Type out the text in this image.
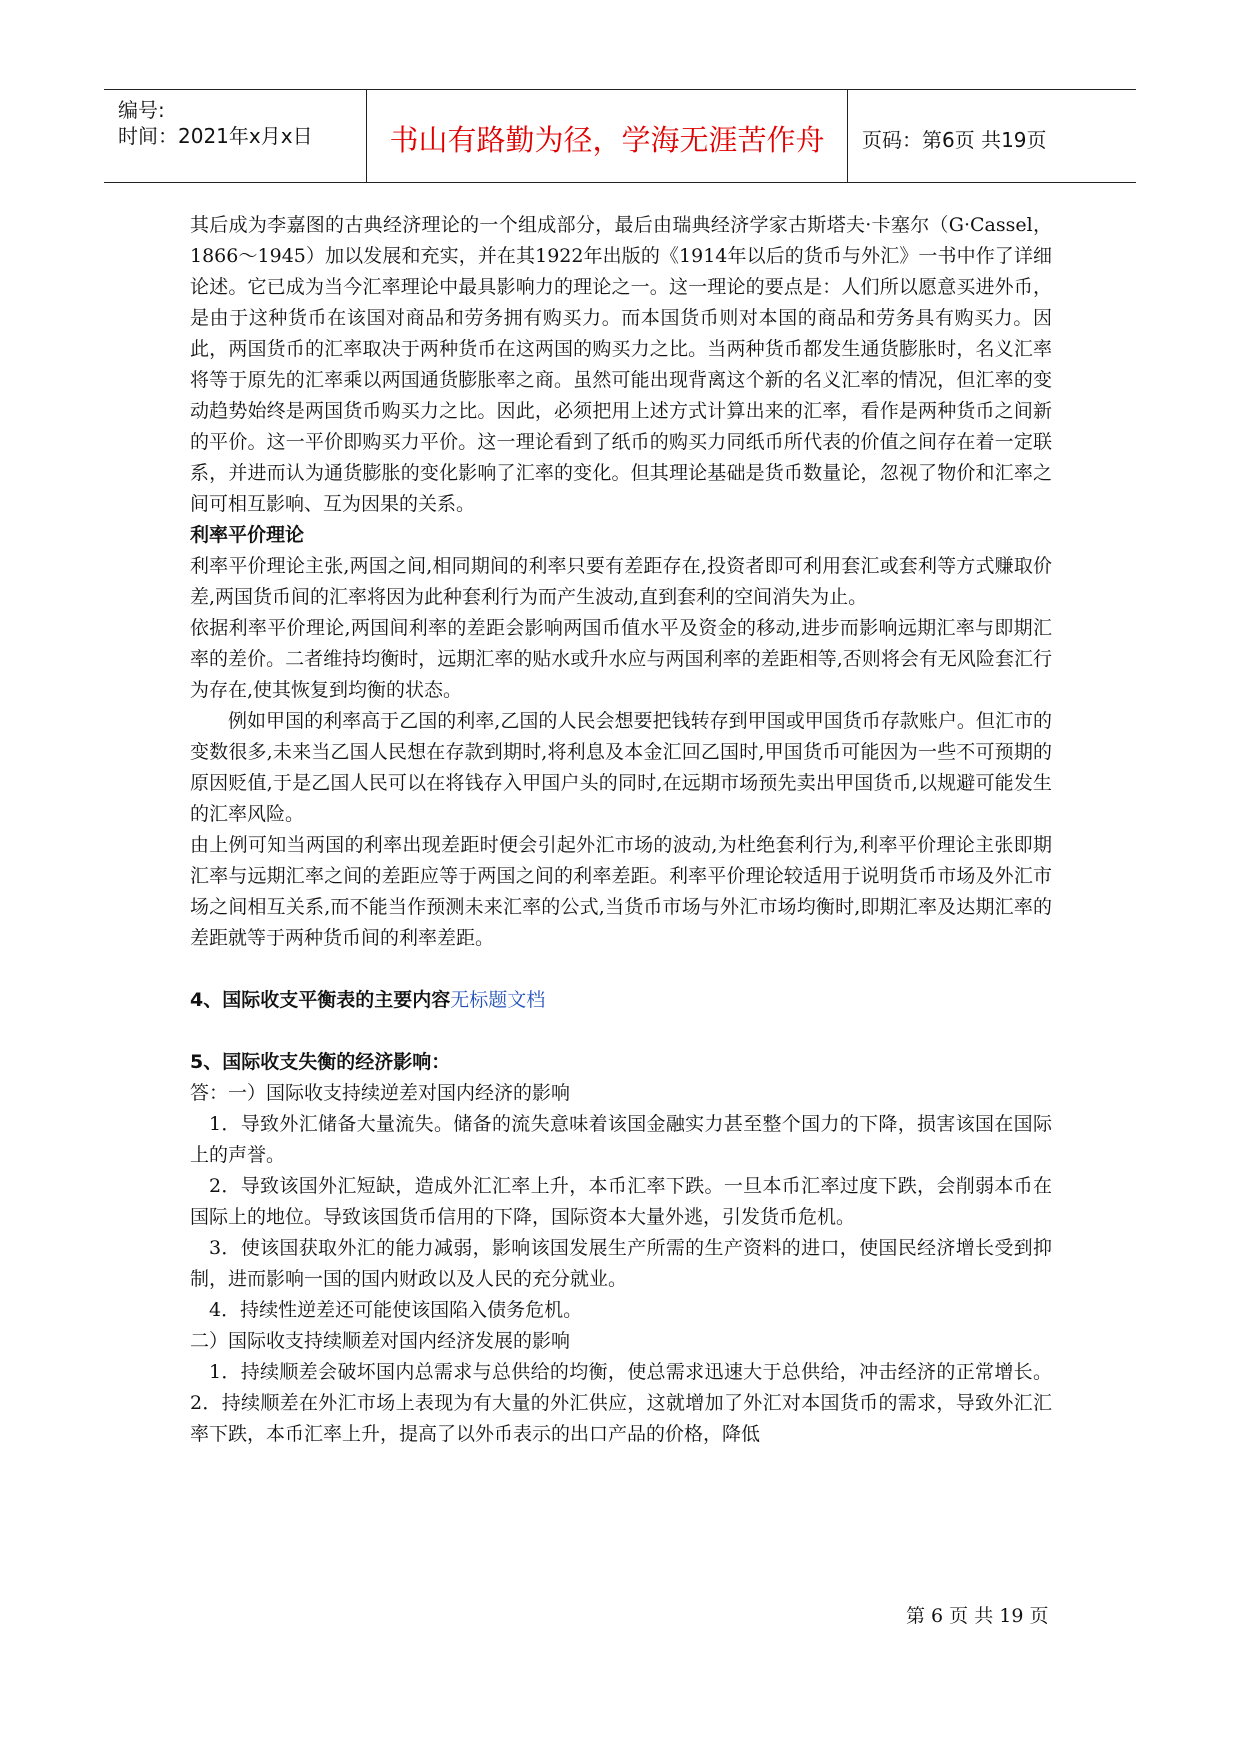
编号:
时间：2021年x月x日	书山有路勤为径，学海无涯苦作舟	页码：第6页 共19页

其后成为李嘉图的古典经济理论的一个组成部分，最后由瑞典经济学家古斯塔夫·卡塞尔（G·Cassel，1866～1945）加以发展和充实，并在其1922年出版的《1914年以后的货币与外汇》一书中作了详细论述。它已成为当今汇率理论中最具影响力的理论之一。这一理论的要点是：人们所以愿意买进外币，是由于这种货币在该国对商品和劳务拥有购买力。而本国货币则对本国的商品和劳务具有购买力。因此，两国货币的汇率取决于两种货币在这两国的购买力之比。当两种货币都发生通货膨胀时，名义汇率将等于原先的汇率乘以两国通货膨胀率之商。虽然可能出现背离这个新的名义汇率的情况，但汇率的变动趋势始终是两国货币购买力之比。因此，必须把用上述方式计算出来的汇率，看作是两种货币之间新的平价。这一平价即购买力平价。这一理论看到了纸币的购买力同纸币所代表的价值之间存在着一定联系，并进而认为通货膨胀的变化影响了汇率的变化。但其理论基础是货币数量论，忽视了物价和汇率之间可相互影响、互为因果的关系。

利率平价理论

利率平价理论主张,两国之间,相同期间的利率只要有差距存在,投资者即可利用套汇或套利等方式赚取价差,两国货币间的汇率将因为此种套利行为而产生波动,直到套利的空间消失为止。

依据利率平价理论,两国间利率的差距会影响两国币值水平及资金的移动,进步而影响远期汇率与即期汇率的差价。二者维持均衡时，远期汇率的贴水或升水应与两国利率的差距相等,否则将会有无风险套汇行为存在,使其恢复到均衡的状态。

例如甲国的利率高于乙国的利率,乙国的人民会想要把钱转存到甲国或甲国货币存款账户。但汇市的变数很多,未来当乙国人民想在存款到期时,将利息及本金汇回乙国时,甲国货币可能因为一些不可预期的原因贬值,于是乙国人民可以在将钱存入甲国户头的同时,在远期市场预先卖出甲国货币,以规避可能发生的汇率风险。

由上例可知当两国的利率出现差距时便会引起外汇市场的波动,为杜绝套利行为,利率平价理论主张即期汇率与远期汇率之间的差距应等于两国之间的利率差距。利率平价理论较适用于说明货币市场及外汇市场之间相互关系,而不能当作预测未来汇率的公式,当货币市场与外汇市场均衡时,即期汇率及达期汇率的差距就等于两种货币间的利率差距。

4、国际收支平衡表的主要内容无标题文档

5、国际收支失衡的经济影响：

答：一）国际收支持续逆差对国内经济的影响

1．导致外汇储备大量流失。储备的流失意味着该国金融实力甚至整个国力的下降，损害该国在国际上的声誉。

2．导致该国外汇短缺，造成外汇汇率上升，本币汇率下跌。一旦本币汇率过度下跌，会削弱本币在国际上的地位。导致该国货币信用的下降，国际资本大量外逃，引发货币危机。

3．使该国获取外汇的能力减弱，影响该国发展生产所需的生产资料的进口，使国民经济增长受到抑制，进而影响一国的国内财政以及人民的充分就业。

4．持续性逆差还可能使该国陷入债务危机。

二）国际收支持续顺差对国内经济发展的影响

1．持续顺差会破坏国内总需求与总供给的均衡，使总需求迅速大于总供给，冲击经济的正常增长。2．持续顺差在外汇市场上表现为有大量的外汇供应，这就增加了外汇对本国货币的需求，导致外汇汇率下跌，本币汇率上升，提高了以外币表示的出口产品的价格，降低

第 6 页 共 19 页
